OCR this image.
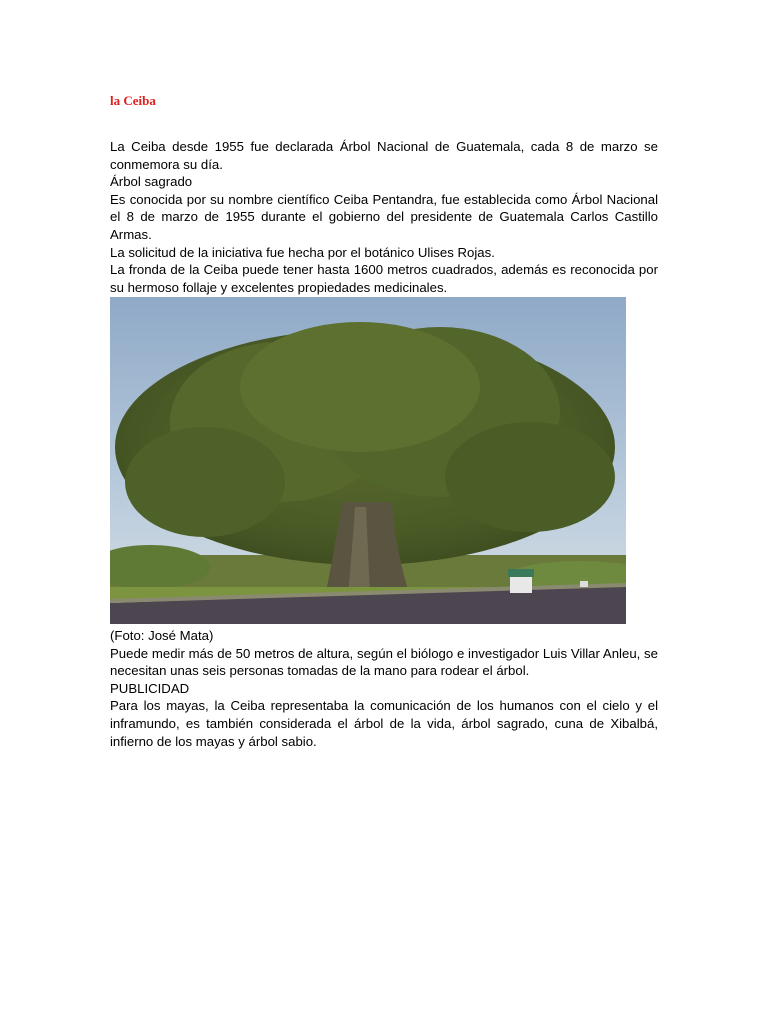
la Ceiba

La Ceiba desde 1955 fue declarada Árbol Nacional de Guatemala, cada 8 de marzo se conmemora su día.

Árbol sagrado

Es conocida por su nombre científico Ceiba Pentandra, fue establecida como Árbol Nacional el 8 de marzo de 1955 durante el gobierno del presidente de Guatemala Carlos Castillo Armas.

La solicitud de la iniciativa fue hecha por el botánico Ulises Rojas.

La fronda de la Ceiba puede tener hasta 1600 metros cuadrados, además es reconocida por su hermoso follaje y excelentes propiedades medicinales.

(Foto: José Mata)

Puede medir más de 50 metros de altura, según el biólogo e investigador Luis Villar Anleu, se necesitan unas seis personas tomadas de la mano para rodear el árbol.

PUBLICIDAD

Para los mayas, la Ceiba representaba la comunicación de los humanos con el cielo y el inframundo, es también considerada el árbol de la vida, árbol sagrado, cuna de Xibalbá, infierno de los mayas y árbol sabio.
